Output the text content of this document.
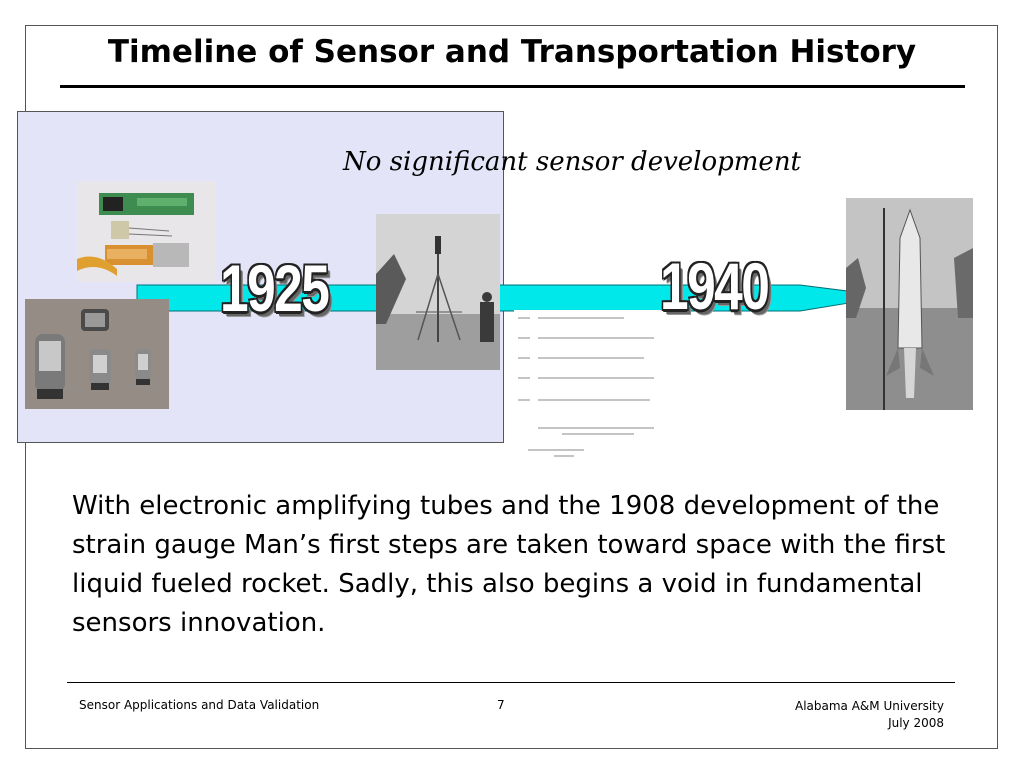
Timeline of Sensor and Transportation History
No significant sensor development
1925	1940
With electronic amplifying tubes and the 1908 development of the strain gauge Man’s first steps are taken toward space with the first liquid fueled rocket. Sadly, this also begins a void in fundamental sensors innovation.
Sensor Applications and Data Validation	7	Alabama A&M University
July 2008
